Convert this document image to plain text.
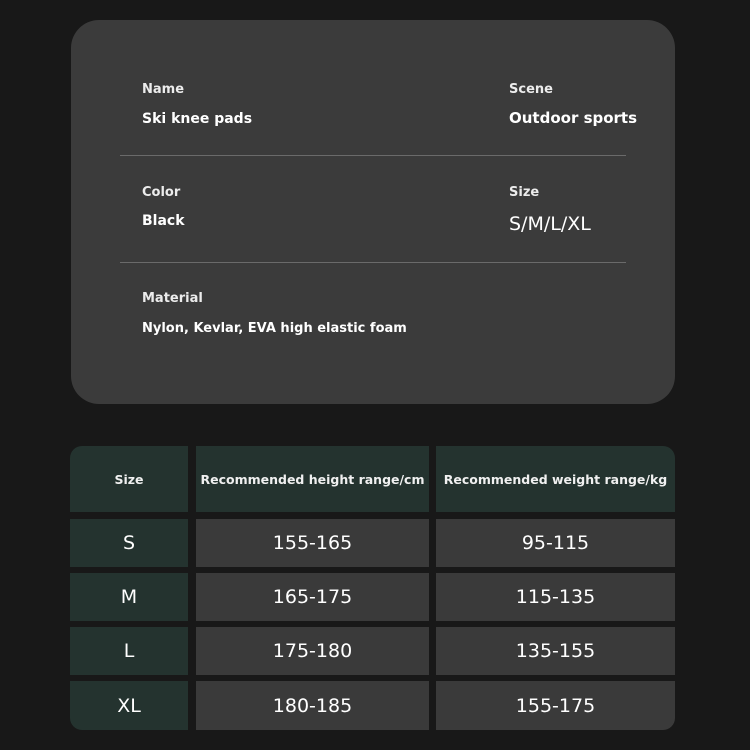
Name
Ski knee pads
Scene
Outdoor sports
Color
Black
Size
S/M/L/XL
Material
Nylon, Kevlar, EVA high elastic foam
Size	Recommended height range/cm	Recommended weight range/kg
S	155-165	95-115
M	165-175	115-135
L	175-180	135-155
XL	180-185	155-175
